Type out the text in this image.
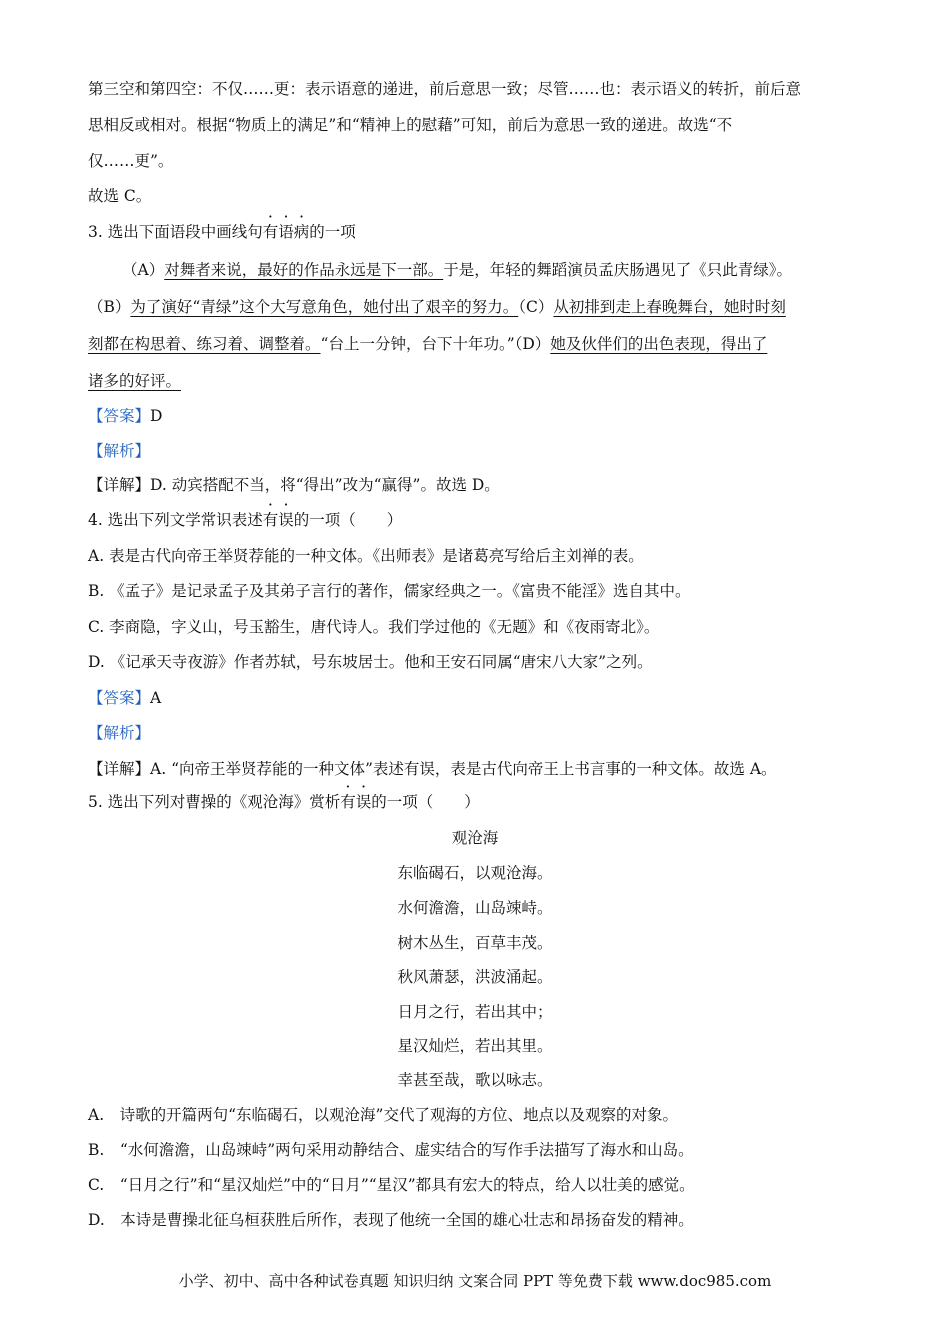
第三空和第四空：不仅……更：表示语意的递进，前后意思一致；尽管……也：表示语义的转折，前后意
思相反或相对。根据“物质上的满足”和“精神上的慰藉”可知，前后为意思一致的递进。故选“不
仅……更”。
故选 C。
3. 选出下面语段中画线句有语病的一项
（A）对舞者来说，最好的作品永远是下一部。于是，年轻的舞蹈演员孟庆肠遇见了《只此青绿》。
（B）为了演好“青绿”这个大写意角色，她付出了艰辛的努力。（C）从初排到走上春晚舞台，她时时刻
刻都在构思着、练习着、调整着。“台上一分钟，台下十年功。”（D）她及伙伴们的出色表现，得出了
诸多的好评。
【答案】D
【解析】
【详解】D. 动宾搭配不当，将“得出”改为“赢得”。故选 D。
4. 选出下列文学常识表述有误的一项（　　）
A. 表是古代向帝王举贤荐能的一种文体。《出师表》是诸葛亮写给后主刘禅的表。
B. 《孟子》是记录孟子及其弟子言行的著作，儒家经典之一。《富贵不能淫》选自其中。
C. 李商隐，字义山，号玉豁生，唐代诗人。我们学过他的《无题》和《夜雨寄北》。
D. 《记承天寺夜游》作者苏轼，号东坡居士。他和王安石同属“唐宋八大家”之列。
【答案】A
【解析】
【详解】A. “向帝王举贤荐能的一种文体”表述有误，表是古代向帝王上书言事的一种文体。故选 A。
5. 选出下列对曹操的《观沧海》赏析有误的一项（　　）
观沧海
东临碣石，以观沧海。
水何澹澹，山岛竦峙。
树木丛生，百草丰茂。
秋风萧瑟，洪波涌起。
日月之行，若出其中；
星汉灿烂，若出其里。
幸甚至哉，歌以咏志。
A.　诗歌的开篇两句“东临碣石，以观沧海”交代了观海的方位、地点以及观察的对象。
B.　“水何澹澹，山岛竦峙”两句采用动静结合、虚实结合的写作手法描写了海水和山岛。
C.　“日月之行”和“星汉灿烂”中的“日月”“星汉”都具有宏大的特点，给人以壮美的感觉。
D.　本诗是曹操北征乌桓获胜后所作，表现了他统一全国的雄心壮志和昂扬奋发的精神。
小学、初中、高中各种试卷真题 知识归纳 文案合同 PPT 等免费下载 www.doc985.com
